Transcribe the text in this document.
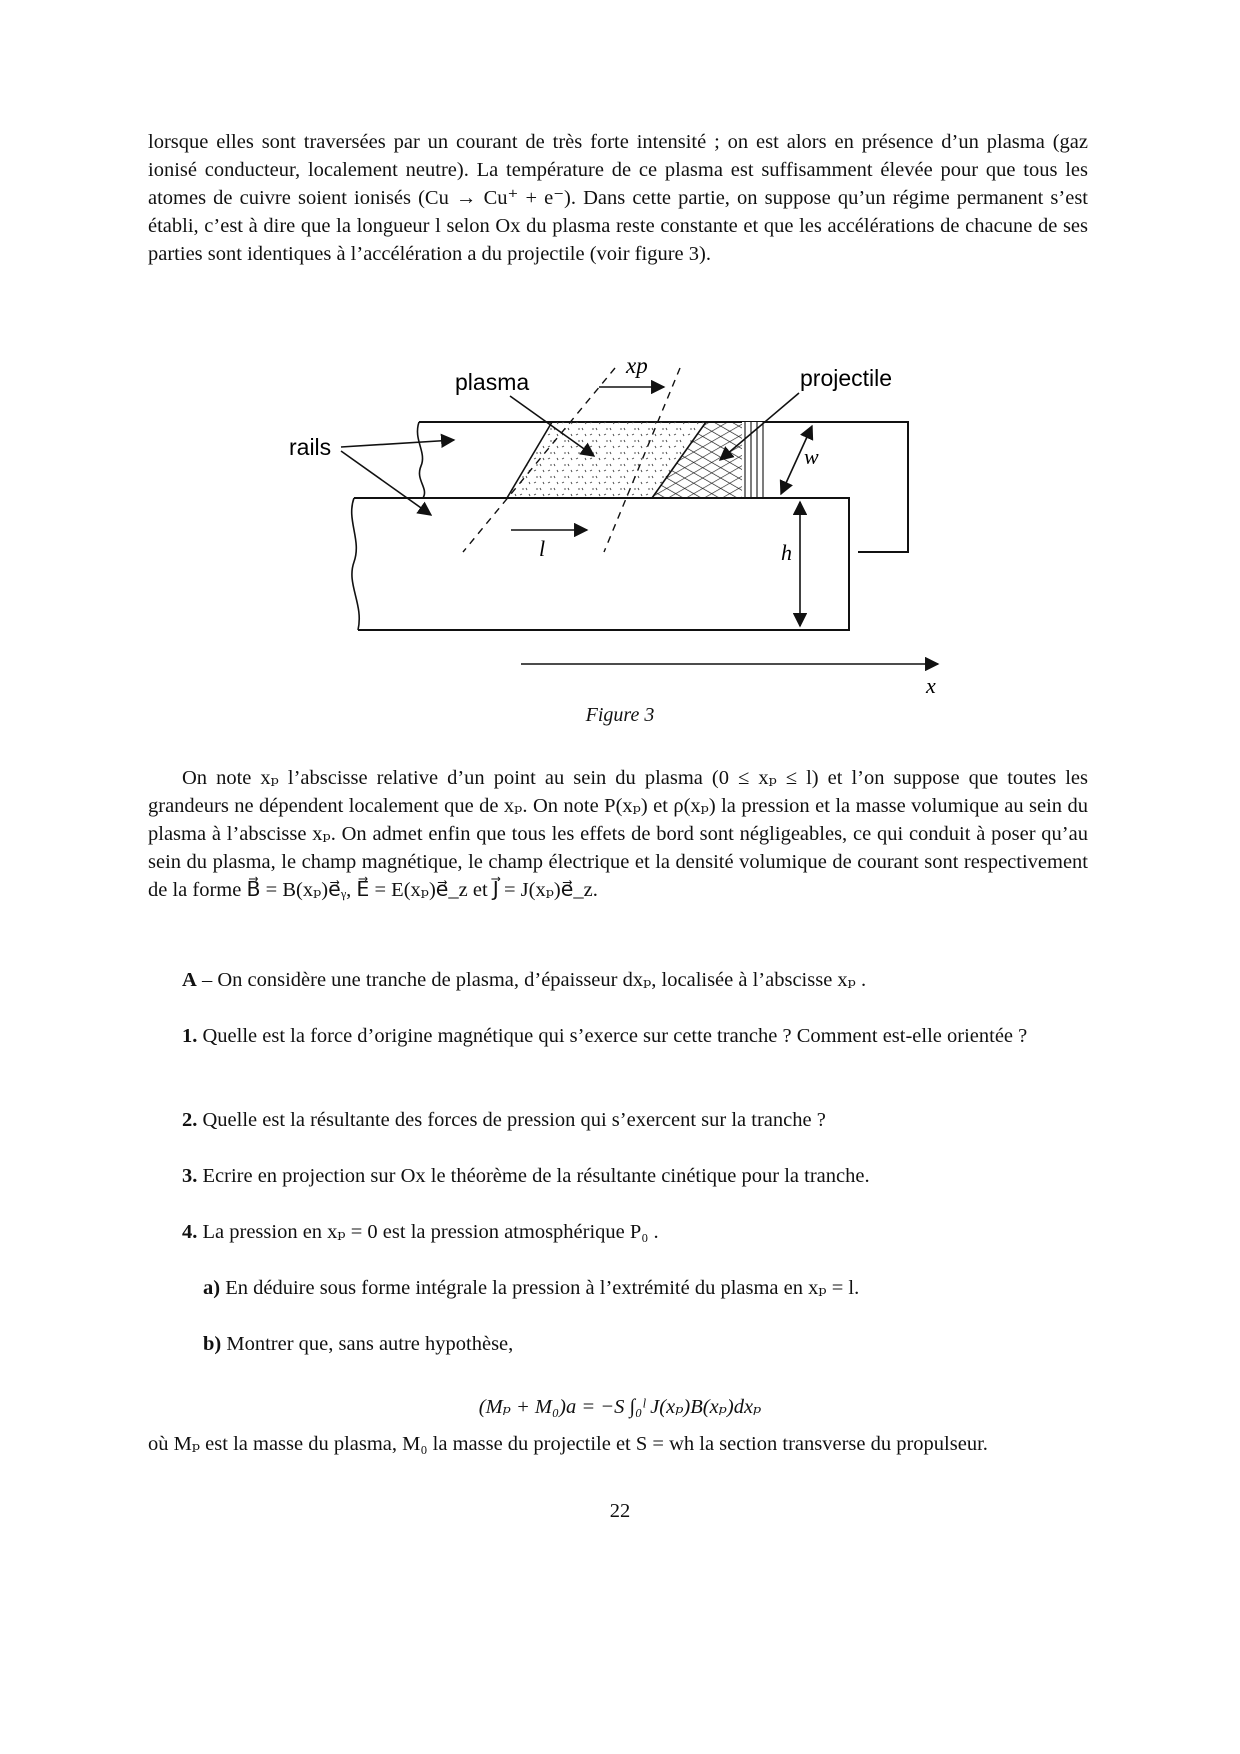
lorsque elles sont traversées par un courant de très forte intensité ; on est alors en présence d’un plasma (gaz ionisé conducteur, localement neutre). La température de ce plasma est suffisamment élevée pour que tous les atomes de cuivre soient ionisés (Cu → Cu⁺ + e⁻). Dans cette partie, on suppose qu’un régime permanent s’est établi, c’est à dire que la longueur l selon Ox du plasma reste constante et que les accélérations de chacune de ses parties sont identiques à l’accélération a du projectile (voir figure 3).

plasma	projectile
rails
xp
l
w
h
x
Figure 3

On note xₚ l’abscisse relative d’un point au sein du plasma (0 ≤ xₚ ≤ l) et l’on suppose que toutes les grandeurs ne dépendent localement que de xₚ. On note P(xₚ) et ρ(xₚ) la pression et la masse volumique au sein du plasma à l’abscisse xₚ. On admet enfin que tous les effets de bord sont négligeables, ce qui conduit à poser qu’au sein du plasma, le champ magnétique, le champ électrique et la densité volumique de courant sont respectivement de la forme B⃗ = B(xₚ)e⃗ᵧ, E⃗ = E(xₚ)e⃗_z et J⃗ = J(xₚ)e⃗_z.

A – On considère une tranche de plasma, d’épaisseur dxₚ, localisée à l’abscisse xₚ .
1. Quelle est la force d’origine magnétique qui s’exerce sur cette tranche ? Comment est-elle orientée ?
2. Quelle est la résultante des forces de pression qui s’exercent sur la tranche ?
3. Ecrire en projection sur Ox le théorème de la résultante cinétique pour la tranche.
4. La pression en xₚ = 0 est la pression atmosphérique P₀ .
a) En déduire sous forme intégrale la pression à l’extrémité du plasma en xₚ = l.
b) Montrer que, sans autre hypothèse,
(Mₚ + M₀)a = −S ∫₀ˡ J(xₚ)B(xₚ)dxₚ

où Mₚ est la masse du plasma, M₀ la masse du projectile et S = wh la section transverse du propulseur.

22
